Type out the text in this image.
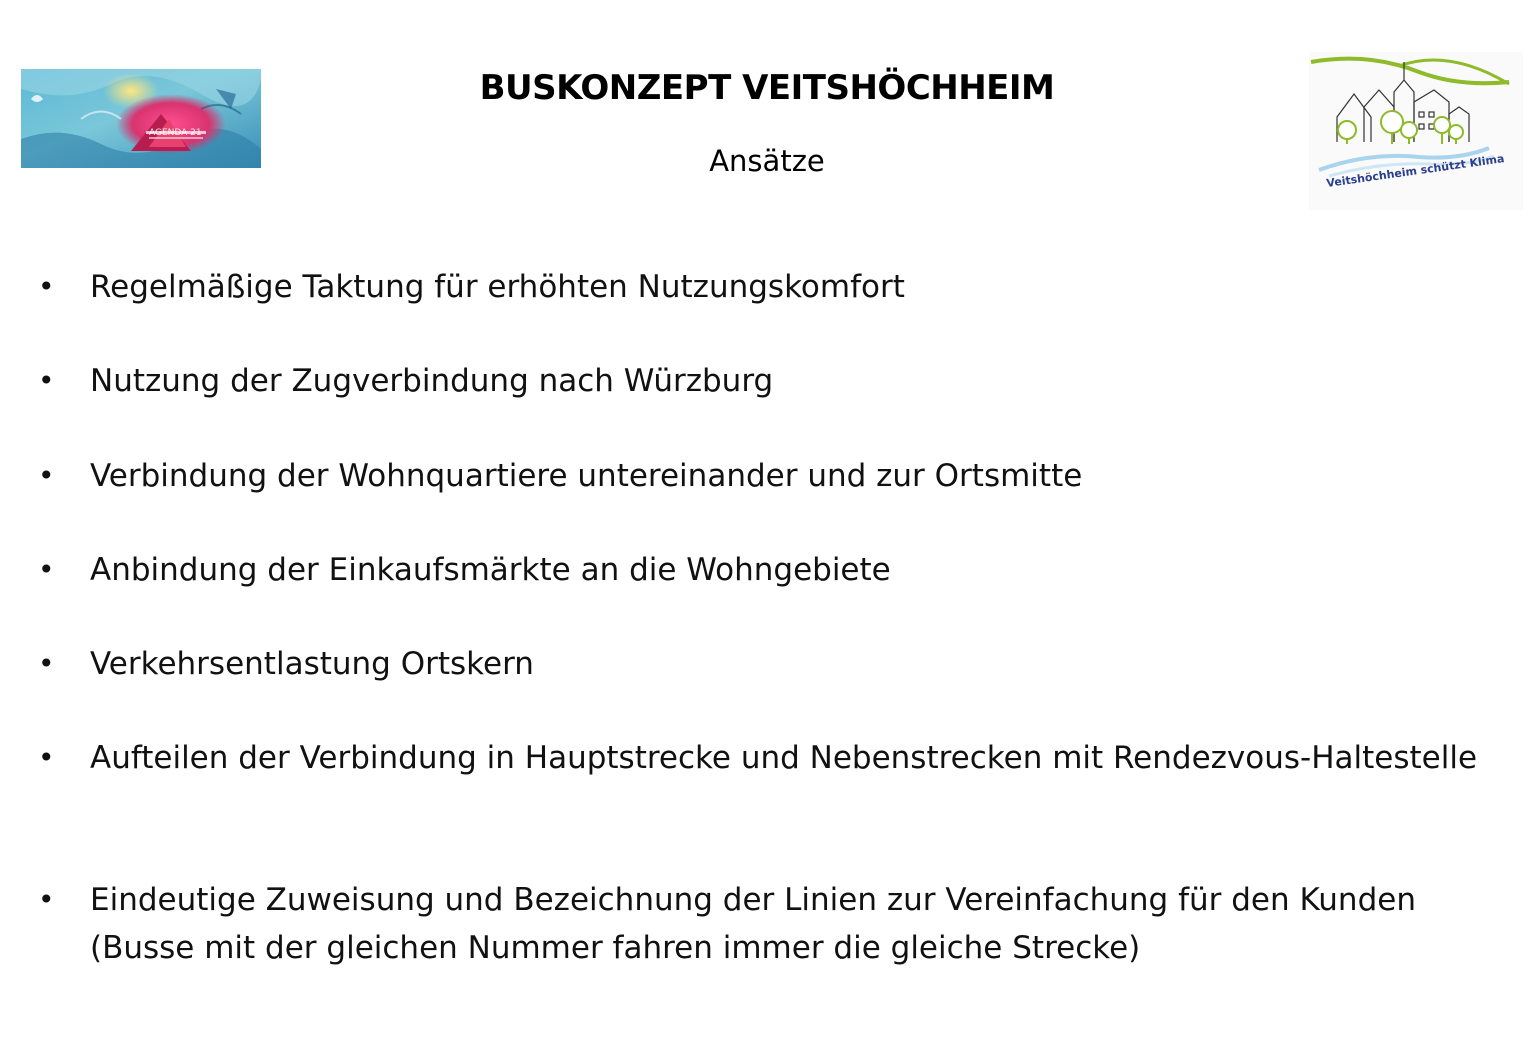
AGENDA 21
Veitshöchheim schützt Klima
BUSKONZEPT VEITSHÖCHHEIM
Ansätze
• Regelmäßige Taktung für erhöhten Nutzungskomfort
• Nutzung der Zugverbindung nach Würzburg
• Verbindung der Wohnquartiere untereinander und zur Ortsmitte
• Anbindung der Einkaufsmärkte an die Wohngebiete
• Verkehrsentlastung Ortskern
• Aufteilen der Verbindung in Hauptstrecke und Nebenstrecken mit Rendezvous-Haltestelle
• Eindeutige Zuweisung und Bezeichnung der Linien zur Vereinfachung für den Kunden (Busse mit der gleichen Nummer fahren immer die gleiche Strecke)
